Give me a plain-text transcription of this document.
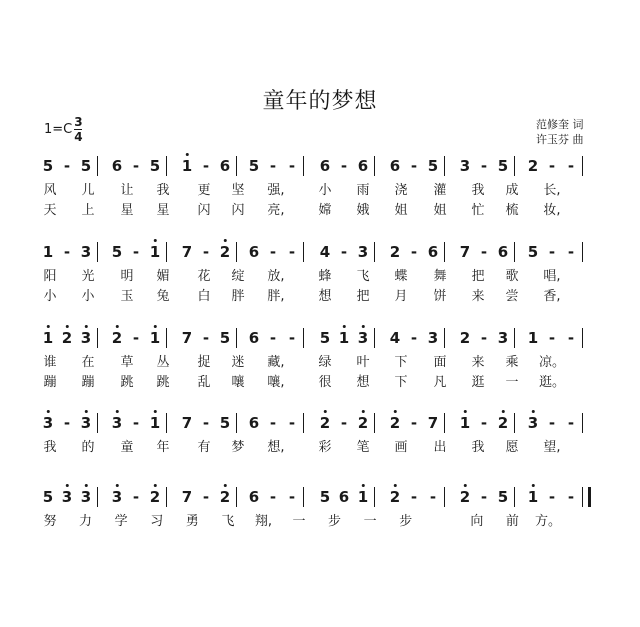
童年的梦想
$1=C \frac{3}{4}$	范修奎 词
许玉芬 曲
5 - 5 6 - 5 1 - 6 5 - - 6 - 6 6 - 5 3 - 5 2 - -
风 儿 让 我 更 坚 强,	小 雨 浇 灌 我 成 长,
天 上 星 星 闪 闪 亮,	嫦 娥 姐 姐 忙 梳 妆,
1 - 3 5 - 1 7 - 2 6 - - 4 - 3 2 - 6 7 - 6 5 - -
阳 光 明 媚 花 绽 放,	蜂 飞 蝶 舞 把 歌 唱,
小 小 玉 兔 白 胖 胖,	想 把 月 饼 来 尝 香,
1 2 3 2 - 1 7 - 5 6 - - 5 1 3 4 - 3 2 - 3 1 - -
谁 在 草 丛 捉 迷 藏,	绿 叶 下 面 来 乘 凉。
蹦 蹦 跳 跳 乱 嚷 嚷,	很 想 下 凡 逛 一 逛。
3 - 3 3 - 1 7 - 5 6 - - 2 - 2 2 - 7 1 - 2 3 - -
我 的 童 年 有 梦 想,	彩 笔 画 出 我 愿 望,
5 3 3 3 - 2 7 - 2 6 - - 5 6 1 2 - - 2 - 5 1 - -
努 力 学 习 勇 飞 翔, 一 步 一 步	向 前 方。
